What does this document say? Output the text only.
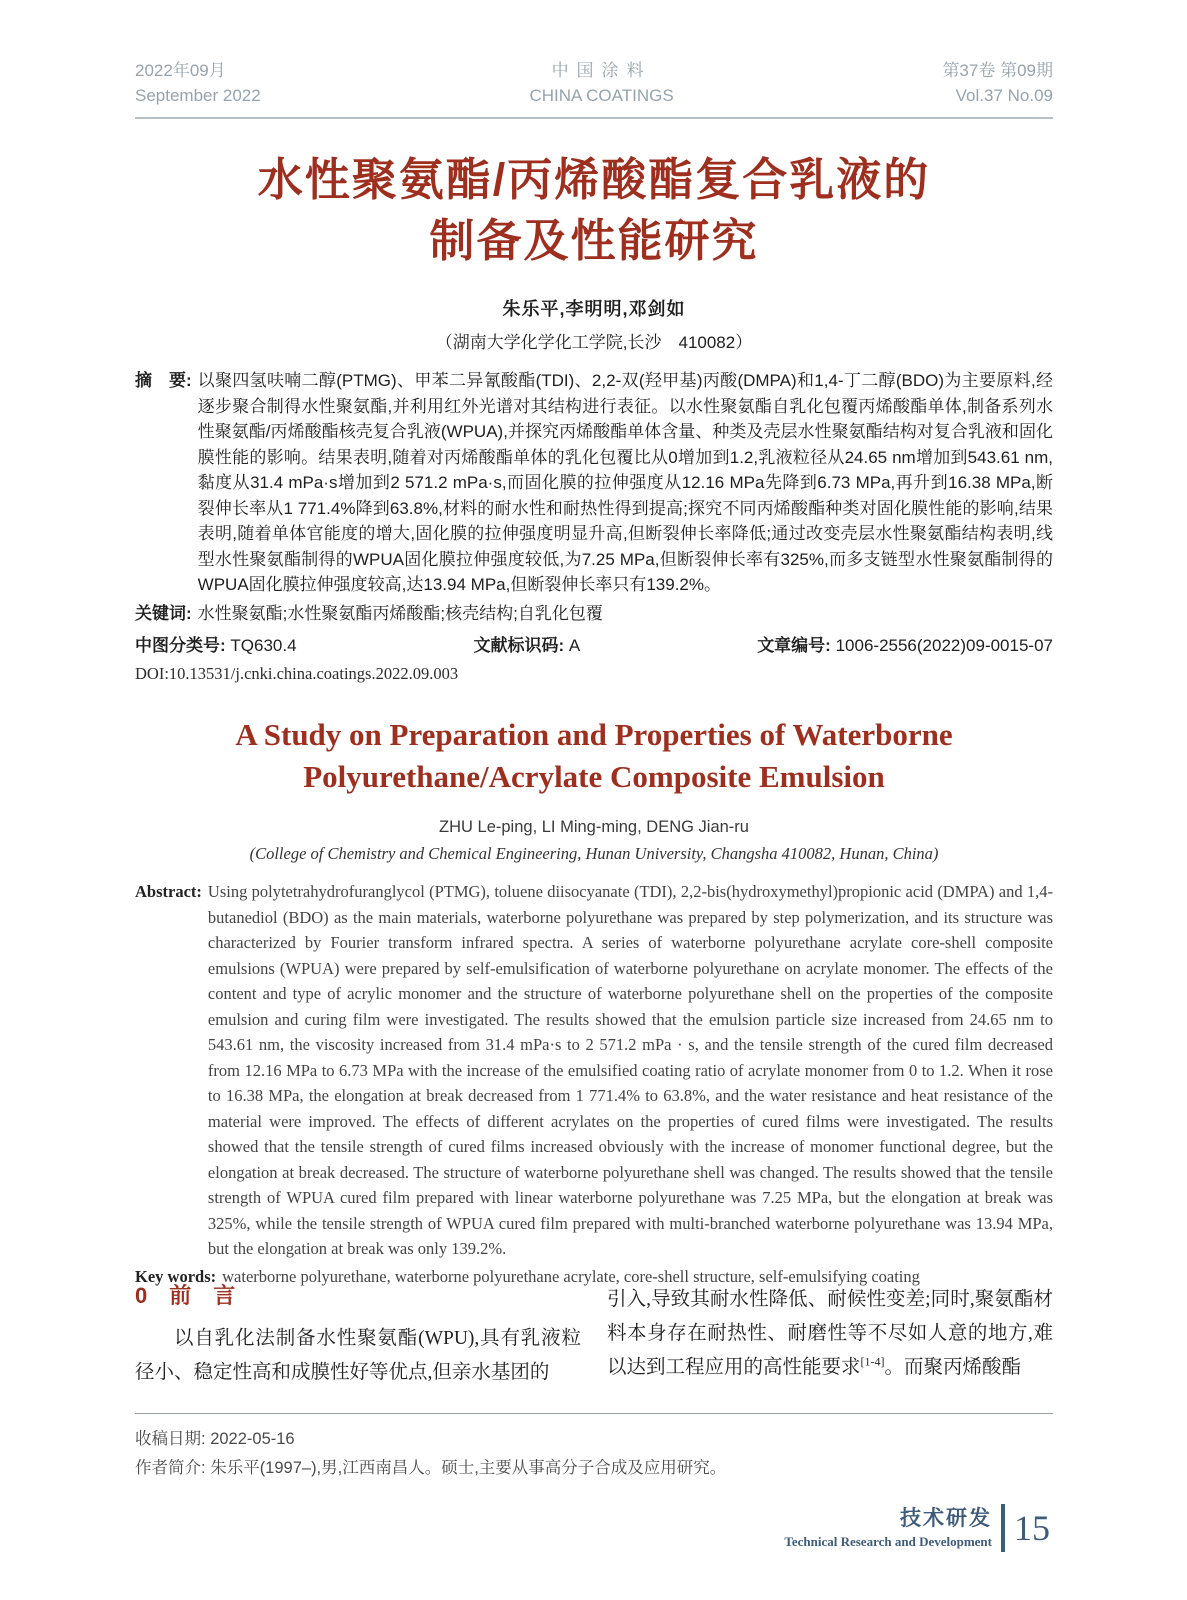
2022年09月
September 2022
中国涂料
CHINA COATINGS
第37卷 第09期
Vol.37 No.09
水性聚氨酯/丙烯酸酯复合乳液的
制备及性能研究
朱乐平,李明明,邓剑如
（湖南大学化学化工学院,长沙　410082）
摘　要: 以聚四氢呋喃二醇(PTMG)、甲苯二异氰酸酯(TDI)、2,2-双(羟甲基)丙酸(DMPA)和1,4-丁二醇(BDO)为主要原料,经逐步聚合制得水性聚氨酯,并利用红外光谱对其结构进行表征。以水性聚氨酯自乳化包覆丙烯酸酯单体,制备系列水性聚氨酯/丙烯酸酯核壳复合乳液(WPUA),并探究丙烯酸酯单体含量、种类及壳层水性聚氨酯结构对复合乳液和固化膜性能的影响。结果表明,随着对丙烯酸酯单体的乳化包覆比从0增加到1.2,乳液粒径从24.65 nm增加到543.61 nm,黏度从31.4 mPa·s增加到2 571.2 mPa·s,而固化膜的拉伸强度从12.16 MPa先降到6.73 MPa,再升到16.38 MPa,断裂伸长率从1 771.4%降到63.8%,材料的耐水性和耐热性得到提高;探究不同丙烯酸酯种类对固化膜性能的影响,结果表明,随着单体官能度的增大,固化膜的拉伸强度明显升高,但断裂伸长率降低;通过改变壳层水性聚氨酯结构表明,线型水性聚氨酯制得的WPUA固化膜拉伸强度较低,为7.25 MPa,但断裂伸长率有325%,而多支链型水性聚氨酯制得的WPUA固化膜拉伸强度较高,达13.94 MPa,但断裂伸长率只有139.2%。
关键词: 水性聚氨酯;水性聚氨酯丙烯酸酯;核壳结构;自乳化包覆
中图分类号: TQ630.4	文献标识码: A	文章编号: 1006-2556(2022)09-0015-07
DOI:10.13531/j.cnki.china.coatings.2022.09.003
A Study on Preparation and Properties of Waterborne
Polyurethane/Acrylate Composite Emulsion
ZHU Le-ping, LI Ming-ming, DENG Jian-ru
(College of Chemistry and Chemical Engineering, Hunan University, Changsha 410082, Hunan, China)
Abstract: Using polytetrahydrofuranglycol (PTMG), toluene diisocyanate (TDI), 2,2-bis(hydroxymethyl)propionic acid (DMPA) and 1,4-butanediol (BDO) as the main materials, waterborne polyurethane was prepared by step polymerization, and its structure was characterized by Fourier transform infrared spectra. A series of waterborne polyurethane acrylate core-shell composite emulsions (WPUA) were prepared by self-emulsification of waterborne polyurethane on acrylate monomer. The effects of the content and type of acrylic monomer and the structure of waterborne polyurethane shell on the properties of the composite emulsion and curing film were investigated. The results showed that the emulsion particle size increased from 24.65 nm to 543.61 nm, the viscosity increased from 31.4 mPa·s to 2 571.2 mPa · s, and the tensile strength of the cured film decreased from 12.16 MPa to 6.73 MPa with the increase of the emulsified coating ratio of acrylate monomer from 0 to 1.2. When it rose to 16.38 MPa, the elongation at break decreased from 1 771.4% to 63.8%, and the water resistance and heat resistance of the material were improved. The effects of different acrylates on the properties of cured films were investigated. The results showed that the tensile strength of cured films increased obviously with the increase of monomer functional degree, but the elongation at break decreased. The structure of waterborne polyurethane shell was changed. The results showed that the tensile strength of WPUA cured film prepared with linear waterborne polyurethane was 7.25 MPa, but the elongation at break was 325%, while the tensile strength of WPUA cured film prepared with multi-branched waterborne polyurethane was 13.94 MPa, but the elongation at break was only 139.2%.
Key words: waterborne polyurethane, waterborne polyurethane acrylate, core-shell structure, self-emulsifying coating
0　前　言

以自乳化法制备水性聚氨酯(WPU),具有乳液粒径小、稳定性高和成膜性好等优点,但亲水基团的

引入,导致其耐水性降低、耐候性变差;同时,聚氨酯材料本身存在耐热性、耐磨性等不尽如人意的地方,难以达到工程应用的高性能要求[1-4]。而聚丙烯酸酯

收稿日期: 2022-05-16
作者简介: 朱乐平(1997–),男,江西南昌人。硕士,主要从事高分子合成及应用研究。
技术研发
Technical Research and Development 15
